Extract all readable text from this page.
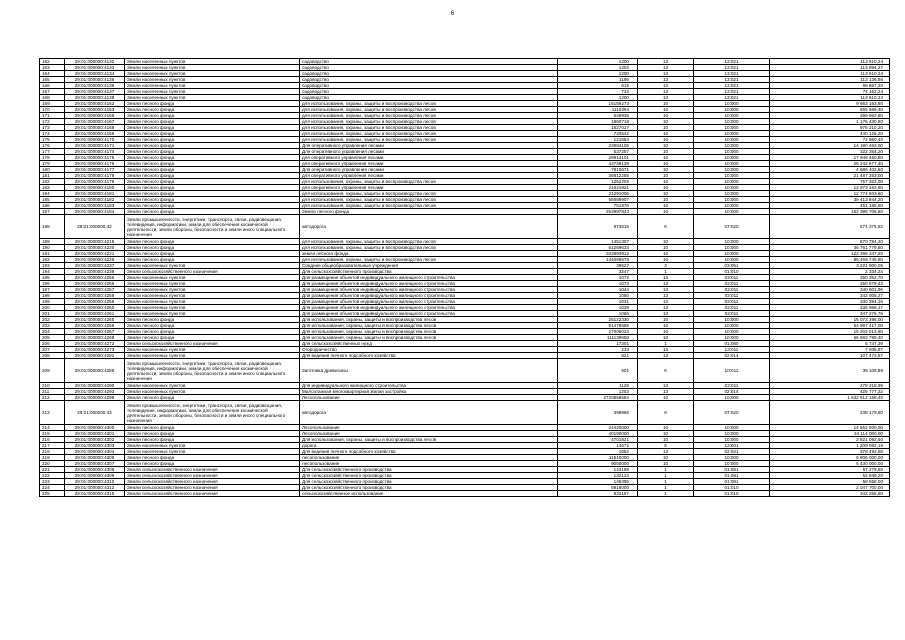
6
162	29:01:000000:4132	Земли населенных пунктов	садоводство	1200	13	13:021	113 610,24
163	29:01:000000:4133	Земли населенных пунктов	садоводство	1203	13	13:021	113 894,27
164	29:01:000000:4134	Земли населенных пунктов	садоводство	1200	13	13:021	113 610,24
165	29:01:000000:4135	Земли населенных пунктов	садоводство	1195	13	13:021	113 136,86
166	29:01:000000:4136	Земли населенных пунктов	садоводство	615	13	13:021	68 867,20
167	29:01:000000:4137	Земли населенных пунктов	садоводство	732	13	13:021	74 162,24
168	29:01:000000:4138	Земли населенных пунктов	садоводство	1200	13	13:021	113 610,24
169	29:01:000000:4162	Земли лесного фонда	для использования, охраны, защиты и воспроизводства лесов	16159273	10	10:000	9 663 163,80
170	29:01:000000:4163	Земли лесного фонда	для использования, охраны, защиты и воспроизводства лесов	1110394	10	10:000	665 569,40
171	29:01:000000:4165	Земли лесного фонда	для использования, охраны, защиты и воспроизводства лесов	649938	10	10:000	389 962,80
172	29:01:000000:4167	Земли лесного фонда	для использования, охраны, защиты и воспроизводства лесов	1960718	10	10:000	1 176 430,80
173	29:01:000000:4168	Земли лесного фонда	для использования, охраны, защиты и воспроизводства лесов	1627017	10	10:000	976 210,20
174	29:01:000000:4169	Земли лесного фонда	для использования, охраны, защиты и воспроизводства лесов	733542	10	10:000	440 125,20
175	29:01:000000:4170	Земли лесного фонда	для использования, охраны, защиты и воспроизводства лесов	121584	10	10:000	72 950,40
176	29:01:000000:4171	Земли лесного фонда	Для оперативного управления лесами	23884105	10	10:000	14 180 463,00
177	29:01:000000:4174	Земли лесного фонда	Для оперативного управления лесами	537257	10	10:000	322 354,20
178	29:01:000000:4175	Земли лесного фонда	для оперативного управления лесами	29914101	10	10:000	17 948 460,60
179	29:01:000000:4176	Земли лесного фонда	для оперативного управления лесами	43736129	10	10:000	26 242 677,40
180	29:01:000000:4177	Земли лесного фонда	Для оперативного управления лесами	7810671	10	10:000	4 686 402,60
181	29:01:000000:4178	Земли лесного фонда	для оперативного управления лесами	35812255	10	10:000	21 487 353,00
182	29:01:000000:4179	Земли лесного фонда	для использования, охраны, защиты и воспроизводства лесов	1262205	10	10:000	757 323,00
183	29:01:000000:4180	Земли лесного фонда	для оперативного управления лесами	21621921	10	10:000	12 973 152,60
184	29:01:000000:4181	Земли лесного фонда	для использования, охраны, защиты и воспроизводства лесов	21291006	10	10:000	12 774 603,60
185	29:01:000000:4182	Земли лесного фонда	для использования, охраны, защиты и воспроизводства лесов	65689907	10	10:000	39 413 944,20
186	29:01:000000:4183	Земли лесного фонда	для использования, охраны, защиты и воспроизводства лесов	751976	10	10:000	451 185,60
187	29:01:000000:4184	Земли лесного фонда	Земли лесного фонда	253997843	10	10:000	152 398 705,80
188	29:01:000000:42	Земли промышленности, энергетики, транспорта, связи, радиовещания, телевидения, информатики, земли для обеспечения космической деятельности, земли обороны, безопасности и земли иного специального назначения	автодорога	973515	6	07:020	574 375,62
189	29:01:000000:4219	Земли лесного фонда	для использования, охраны, защиты и воспроизводства лесов	1451307	10	10:000	870 784,20
190	29:01:000000:4220	Земли лесного фонда	для использования, охраны, защиты и воспроизводства лесов	61269633	10	10:000	36 761 779,80
191	29:01:000000:4221	Земли лесного фонда	земли лесного фонда	203993912	10	10:000	122 396 347,20
192	29:01:000000:4225	Земли лесного фонда	для использования, охраны, защиты и воспроизводства лесов	144099578	10	10:000	86 459 746,80
193	29:01:000000:4237	Земли населенных пунктов	Средние общеобразовательные учреждения	39527	3	03:051	3 221 900,05
194	29:01:000000:4238	Земли сельскохозяйственного назначения	Для сельскохозяйственного производства	3247	1	01:010	2 334,24
195	29:01:000000:4255	Земли населенных пунктов	Для размещения объектов индивидуального жилищного строительства	1072	13	02:011	350 352,70
196	29:01:000000:4256	Земли населенных пунктов	Для размещения объектов индивидуального жилищного строительства	1073	13	02:011	350 679,43
197	29:01:000000:4257	Земли населенных пунктов	Для размещения объектов индивидуального жилищного строительства	1044	13	02:011	340 601,96
198	29:01:000000:4258	Земли населенных пунктов	Для размещения объектов индивидуального жилищного строительства	1050	13	02:011	342 005,27
199	29:01:000000:4259	Земли населенных пунктов	Для размещения объектов индивидуального жилищного строительства	1031	13	02:011	340 394,16
200	29:01:000000:4260	Земли населенных пунктов	Для размещения объектов индивидуального жилищного строительства	1029	13	02:011	335 965,17
201	29:01:000000:4261	Земли населенных пунктов	Для размещения объектов индивидуального жилищного строительства	1066	13	02:011	347 276,76
202	29:01:000000:4265	Земли лесного фонда	Для использования, охраны, защиты и воспроизводства лесов	25122330	10	10:000	15 073 398,00
203	29:01:000000:4266	Земли лесного фонда	Для использования, охраны, защиты и воспроизводства лесов	91478695	10	10:000	54 887 417,00
204	29:01:000000:4267	Земли лесного фонда	Для использования, охраны, защиты и воспроизводства лесов	27005023	10	10:000	16 203 013,80
205	29:01:000000:4268	Земли лесного фонда	Для использования, охраны, защиты и воспроизводства лесов	111139659	10	10:000	66 683 795,40
206	29:01:000000:4272	Земли сельскохозяйственного назначения	Для сельскохозяйственных нужд	17301	1	01:080	6 747,39
207	29:01:000000:4273	Земли населенных пунктов	Огородничество	233	13	13:011	7 936,87
208	29:01:000000:4282	Земли населенных пунктов	Для ведения личного подсобного хозяйства	821	13	02:014	107 473,87
209	29:01:000000:4285	Земли промышленности, энергетики, транспорта, связи, радиовещания, телевидения, информатики, земли для обеспечения космической деятельности, земли обороны, безопасности и земли иного специального назначения	Заготовка древесины	601	6	10:011	35 108,89
210	29:01:000000:4290	Земли населенных пунктов	Для индивидуального жилищного строительства	1128	13	02:011	279 218,69
211	29:01:000000:4293	Земли населенных пунктов	Малоэтажная многоквартирная жилая застройка	1203	13	02:014	425 777,32
212	29:01:000000:4299	Земли лесного фонда	Лесопользование	2720859584	10	10:000	1 632 512 158,40
213	29:01:000000:43	Земли промышленности, энергетики, транспорта, связи, радиовещания, телевидения, информатики, земли для обеспечения космической деятельности, земли обороны, безопасности и земли иного специального назначения	автодорога	396966	6	07:020	238 179,60
214	29:01:000000:4300	Земли лесного фонда	Лесопользование	24420000	10	10:000	14 652 000,00
215	29:01:000000:4301	Земли лесного фонда	Лесопользование	40190000	10	10:000	24 114 000,00
216	29:01:000000:4302	Земли лесного фонда	Для использования, охраны, защиты и воспроизводства лесов	4701821	10	10:000	2 821 092,60
217	29:01:000000:4303	Земли населенных пунктов	дорога	14672	6	12:001	1 209 093,16
218	29:01:000000:4304	Земли населенных пунктов	Для ведения личного подсобного хозяйства	1662	13	02:021	378 492,58
219	29:01:000000:4306	Земли лесного фонда	лесопользование	11510000	10	10:000	6 906 000,00
220	29:01:000000:4307	Земли лесного фонда	лесопользование	9050000	10	10:000	5 430 000,00
221	29:01:000000:4308	Земли сельскохозяйственного назначения	Для сельскохозяйственного производства	143199	1	01:081	57 279,60
222	29:01:000000:4309	Земли сельскохозяйственного назначения	Для сельскохозяйственного производства	132123	1	01:081	52 849,20
223	29:01:000000:4310	Земли сельскохозяйственного назначения	Для сельскохозяйственного производства	146395	1	01:081	58 558,00
224	29:01:000000:4312	Земли сельскохозяйственного назначения	Для сельскохозяйственного производства	5918000	1	01:010	2 047 700,00
225	29:01:000000:4315	Земли сельскохозяйственного назначения	сельскохозяйственное использование	833167	1	01:010	343 266,80
